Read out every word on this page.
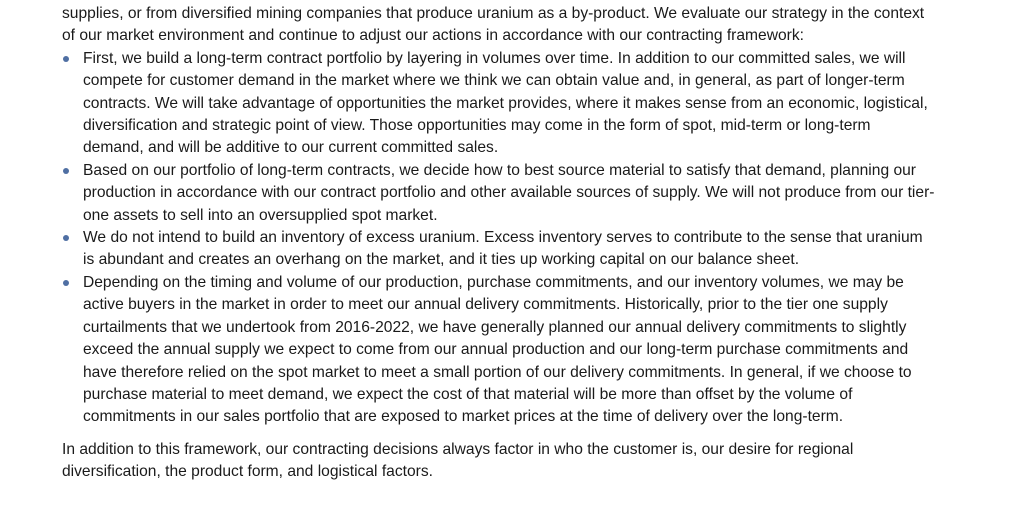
supplies, or from diversified mining companies that produce uranium as a by-product. We evaluate our strategy in the context
of our market environment and continue to adjust our actions in accordance with our contracting framework:

First, we build a long-term contract portfolio by layering in volumes over time. In addition to our committed sales, we will
compete for customer demand in the market where we think we can obtain value and, in general, as part of longer-term
contracts. We will take advantage of opportunities the market provides, where it makes sense from an economic, logistical,
diversification and strategic point of view. Those opportunities may come in the form of spot, mid-term or long-term
demand, and will be additive to our current committed sales.
Based on our portfolio of long-term contracts, we decide how to best source material to satisfy that demand, planning our
production in accordance with our contract portfolio and other available sources of supply. We will not produce from our tier-
one assets to sell into an oversupplied spot market.
We do not intend to build an inventory of excess uranium. Excess inventory serves to contribute to the sense that uranium
is abundant and creates an overhang on the market, and it ties up working capital on our balance sheet.
Depending on the timing and volume of our production, purchase commitments, and our inventory volumes, we may be
active buyers in the market in order to meet our annual delivery commitments. Historically, prior to the tier one supply
curtailments that we undertook from 2016-2022, we have generally planned our annual delivery commitments to slightly
exceed the annual supply we expect to come from our annual production and our long-term purchase commitments and
have therefore relied on the spot market to meet a small portion of our delivery commitments. In general, if we choose to
purchase material to meet demand, we expect the cost of that material will be more than offset by the volume of
commitments in our sales portfolio that are exposed to market prices at the time of delivery over the long-term.

In addition to this framework, our contracting decisions always factor in who the customer is, our desire for regional
diversification, the product form, and logistical factors.
